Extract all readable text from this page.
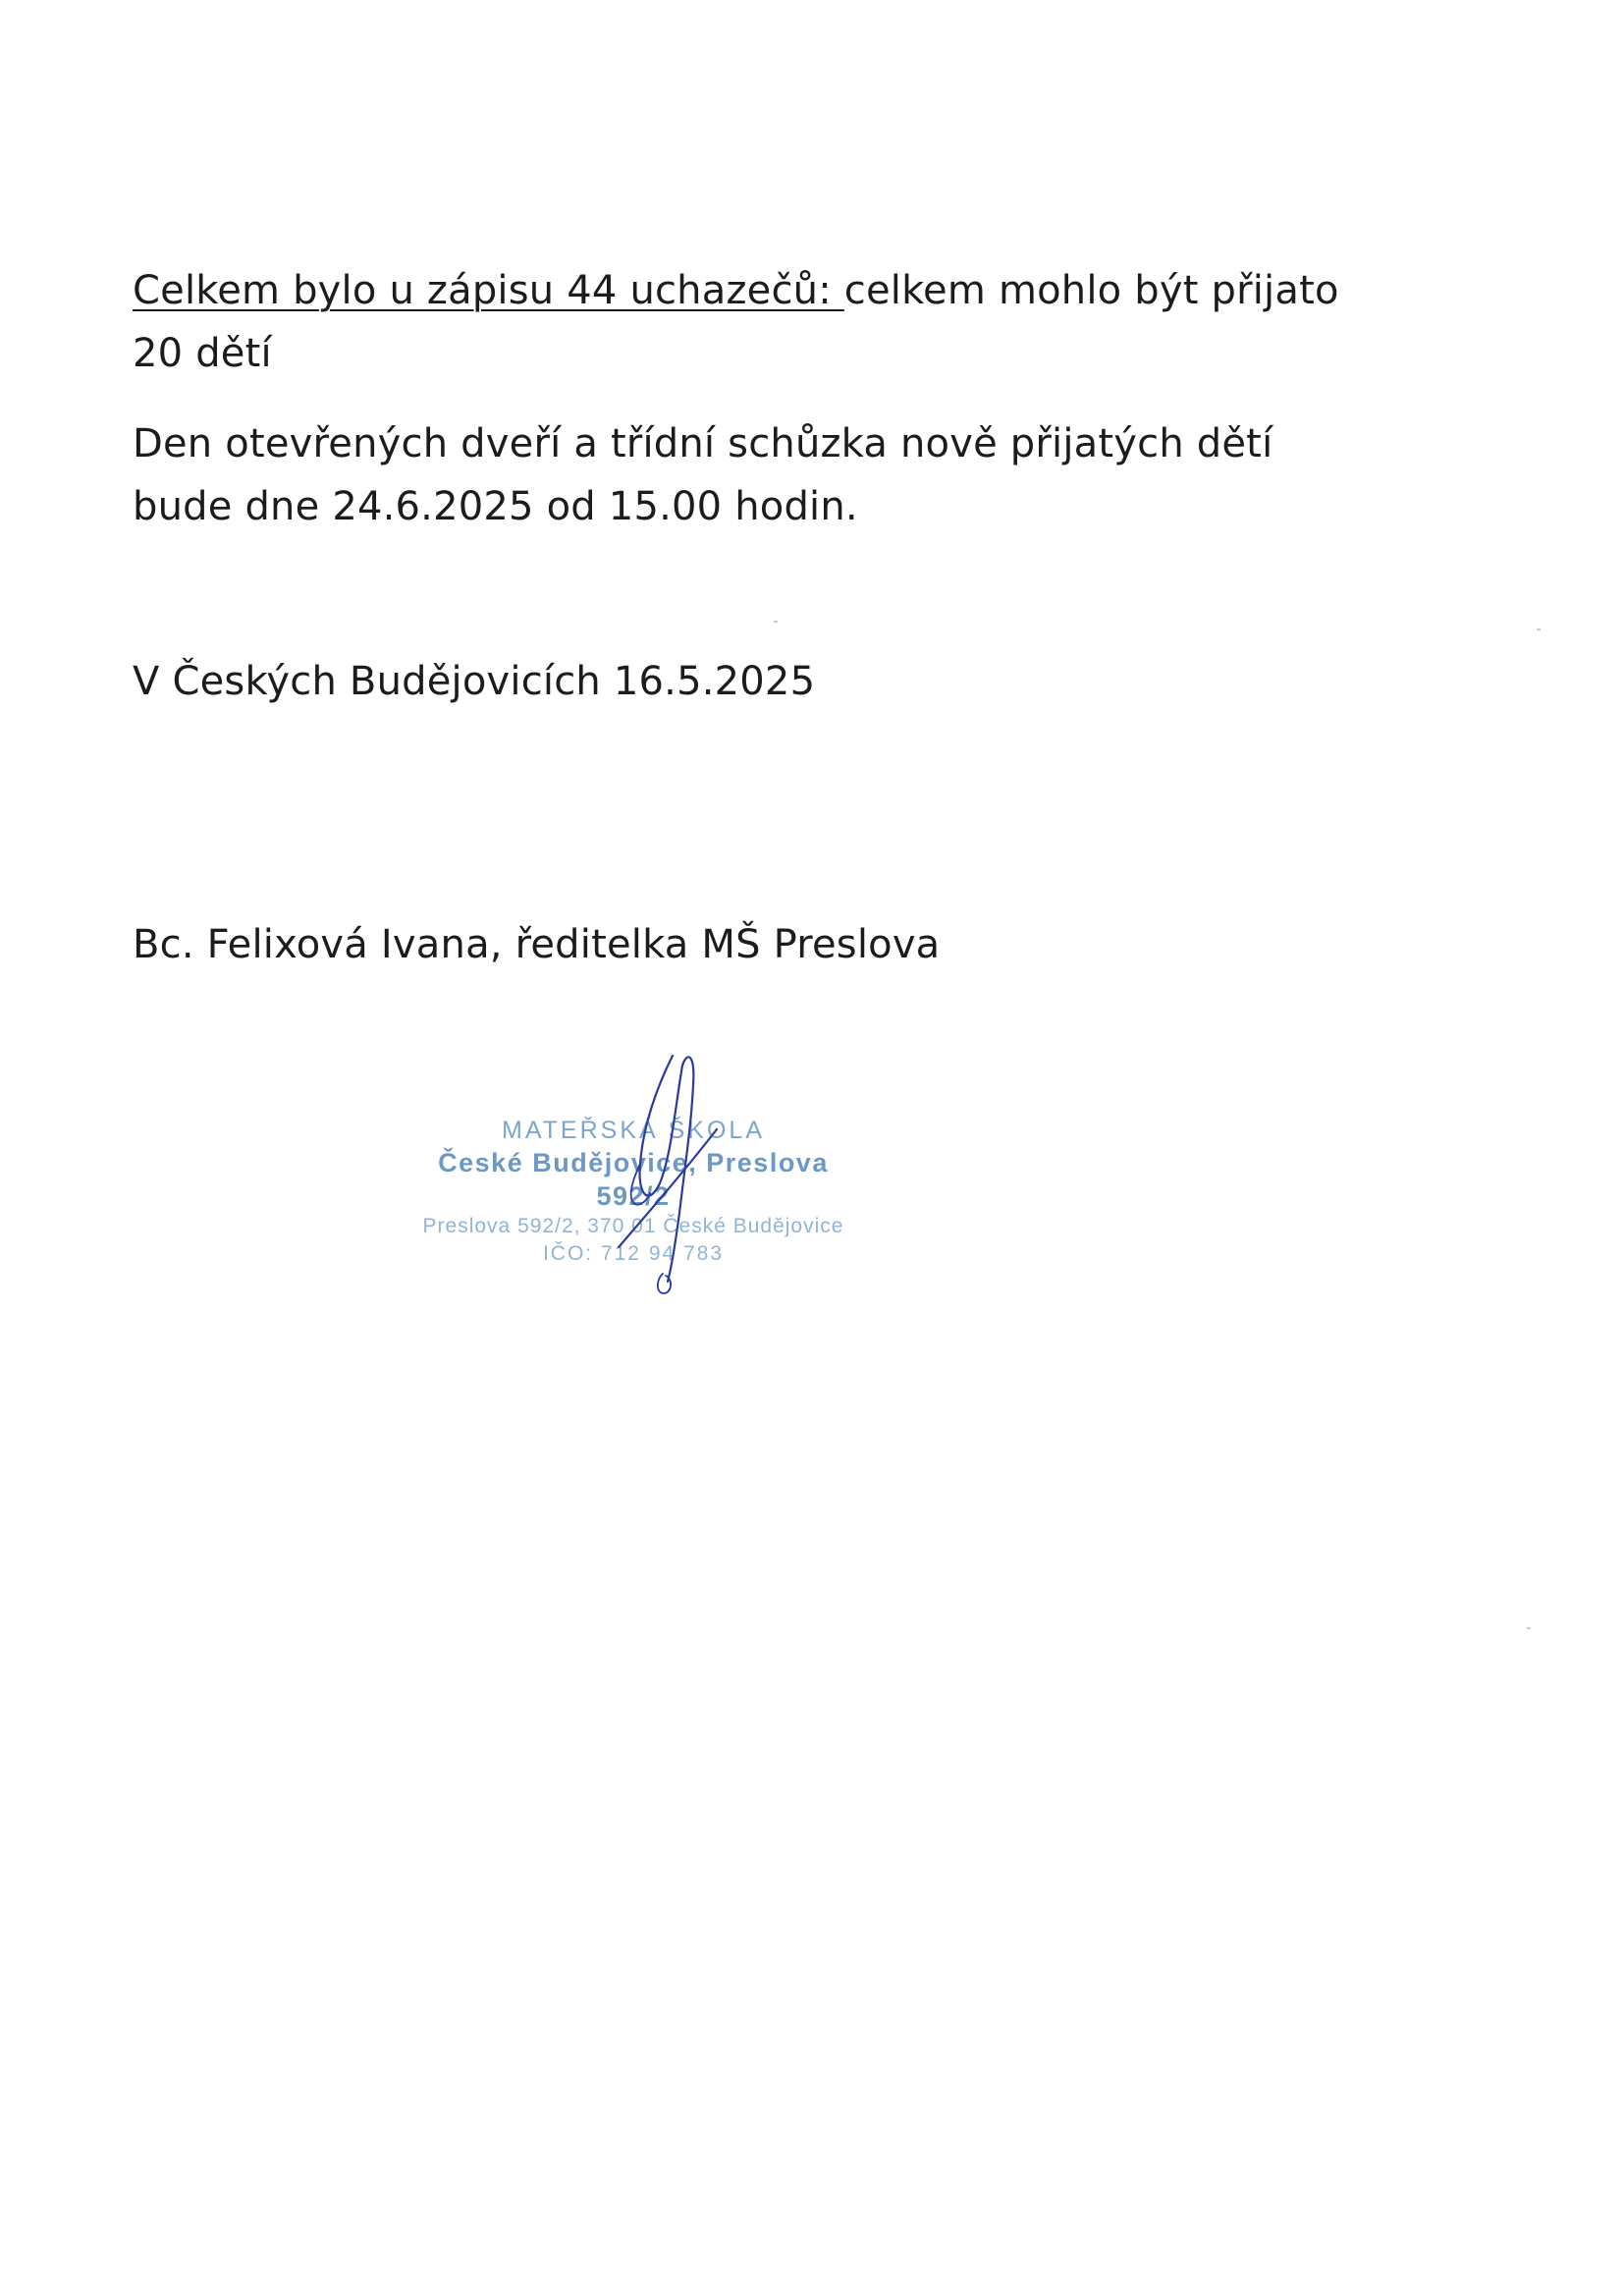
Celkem bylo u zápisu 44 uchazečů: celkem mohlo být přijato
20 dětí
Den otevřených dveří a třídní schůzka nově přijatých dětí
bude dne 24.6.2025 od 15.00 hodin.
V Českých Budějovicích 16.5.2025
Bc. Felixová Ivana, ředitelka MŠ Preslova
MATEŘSKÁ ŠKOLA
České Budějovice, Preslova 592/2
Preslova 592/2, 370 01 České Budějovice
IČO: 712 94 783
